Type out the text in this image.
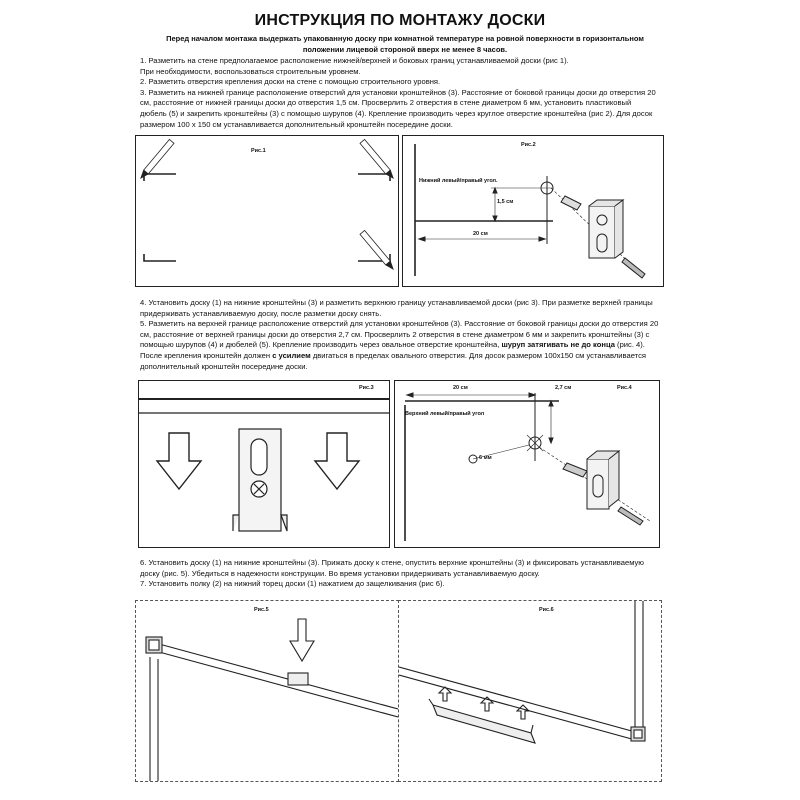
ИНСТРУКЦИЯ ПО МОНТАЖУ ДОСКИ
Перед началом монтажа выдержать упакованную доску при комнатной температуре на ровной поверхности в горизонтальном положении лицевой стороной вверх не менее 8 часов.

1. Разметить на стене предполагаемое расположение нижней/верхней и боковых границ устанавливаемой доски (рис 1).

При необходимости, воспользоваться строительным уровнем.

2. Разметить отверстия крепления доски на стене с помощью строительного уровня.

3. Разметить на нижней границе расположение отверстий для установки кронштейнов (3). Расстояние от боковой границы доски до отверстия 20 см, расстояние от нижней границы доски до отверстия 1,5 см. Просверлить 2 отверстия в стене диаметром 6 мм, установить пластиковый дюбель (5) и закрепить кронштейны (3) с помощью шурупов (4). Крепление производить через круглое отверстие кронштейна (рис 2). Для досок размером 100 х 150 см устанавливается дополнительный кронштейн посередине доски.

Рис.1
Рис.2
Нижний левый/правый угол.
1,5 см
20 см

4. Установить доску (1) на нижние кронштейны (3) и разметить верхнюю границу устанавливаемой доски (рис 3). При разметке верхней границы придерживать устанавливаемую доску, после разметки доску снять.

5. Разметить на верхней границе расположение отверстий для установки кронштейнов (3). Расстояние от боковой границы доски до отверстия 20 см, расстояние от верхней границы доски до отверстия 2,7 см. Просверлить 2 отверстия в стене диаметром 6 мм и закрепить кронштейны (3) с помощью шурупов (4) и дюбелей (5). Крепление производить через овальное отверстие кронштейна, шуруп затягивать не до конца (рис. 4). После крепления кронштейн должен с усилием двигаться в пределах овального отверстия. Для досок размером 100х150 см устанавливается дополнительный кронштейн посередине доски.

Рис.3	Рис.4
20 см	2,7 см
Верхний левый/правый угол
6 мм

6. Установить доску (1) на нижние кронштейны (3). Прижать доску к стене, опустить верхние кронштейны (3) и фиксировать устанавливаемую доску (рис. 5). Убедиться в надежности конструкции. Во время установки придерживать устанавливаемую доску.

7. Установить полку (2) на нижний торец доски (1) нажатием до защелкивания (рис 6).

Рис.5	Рис.6
